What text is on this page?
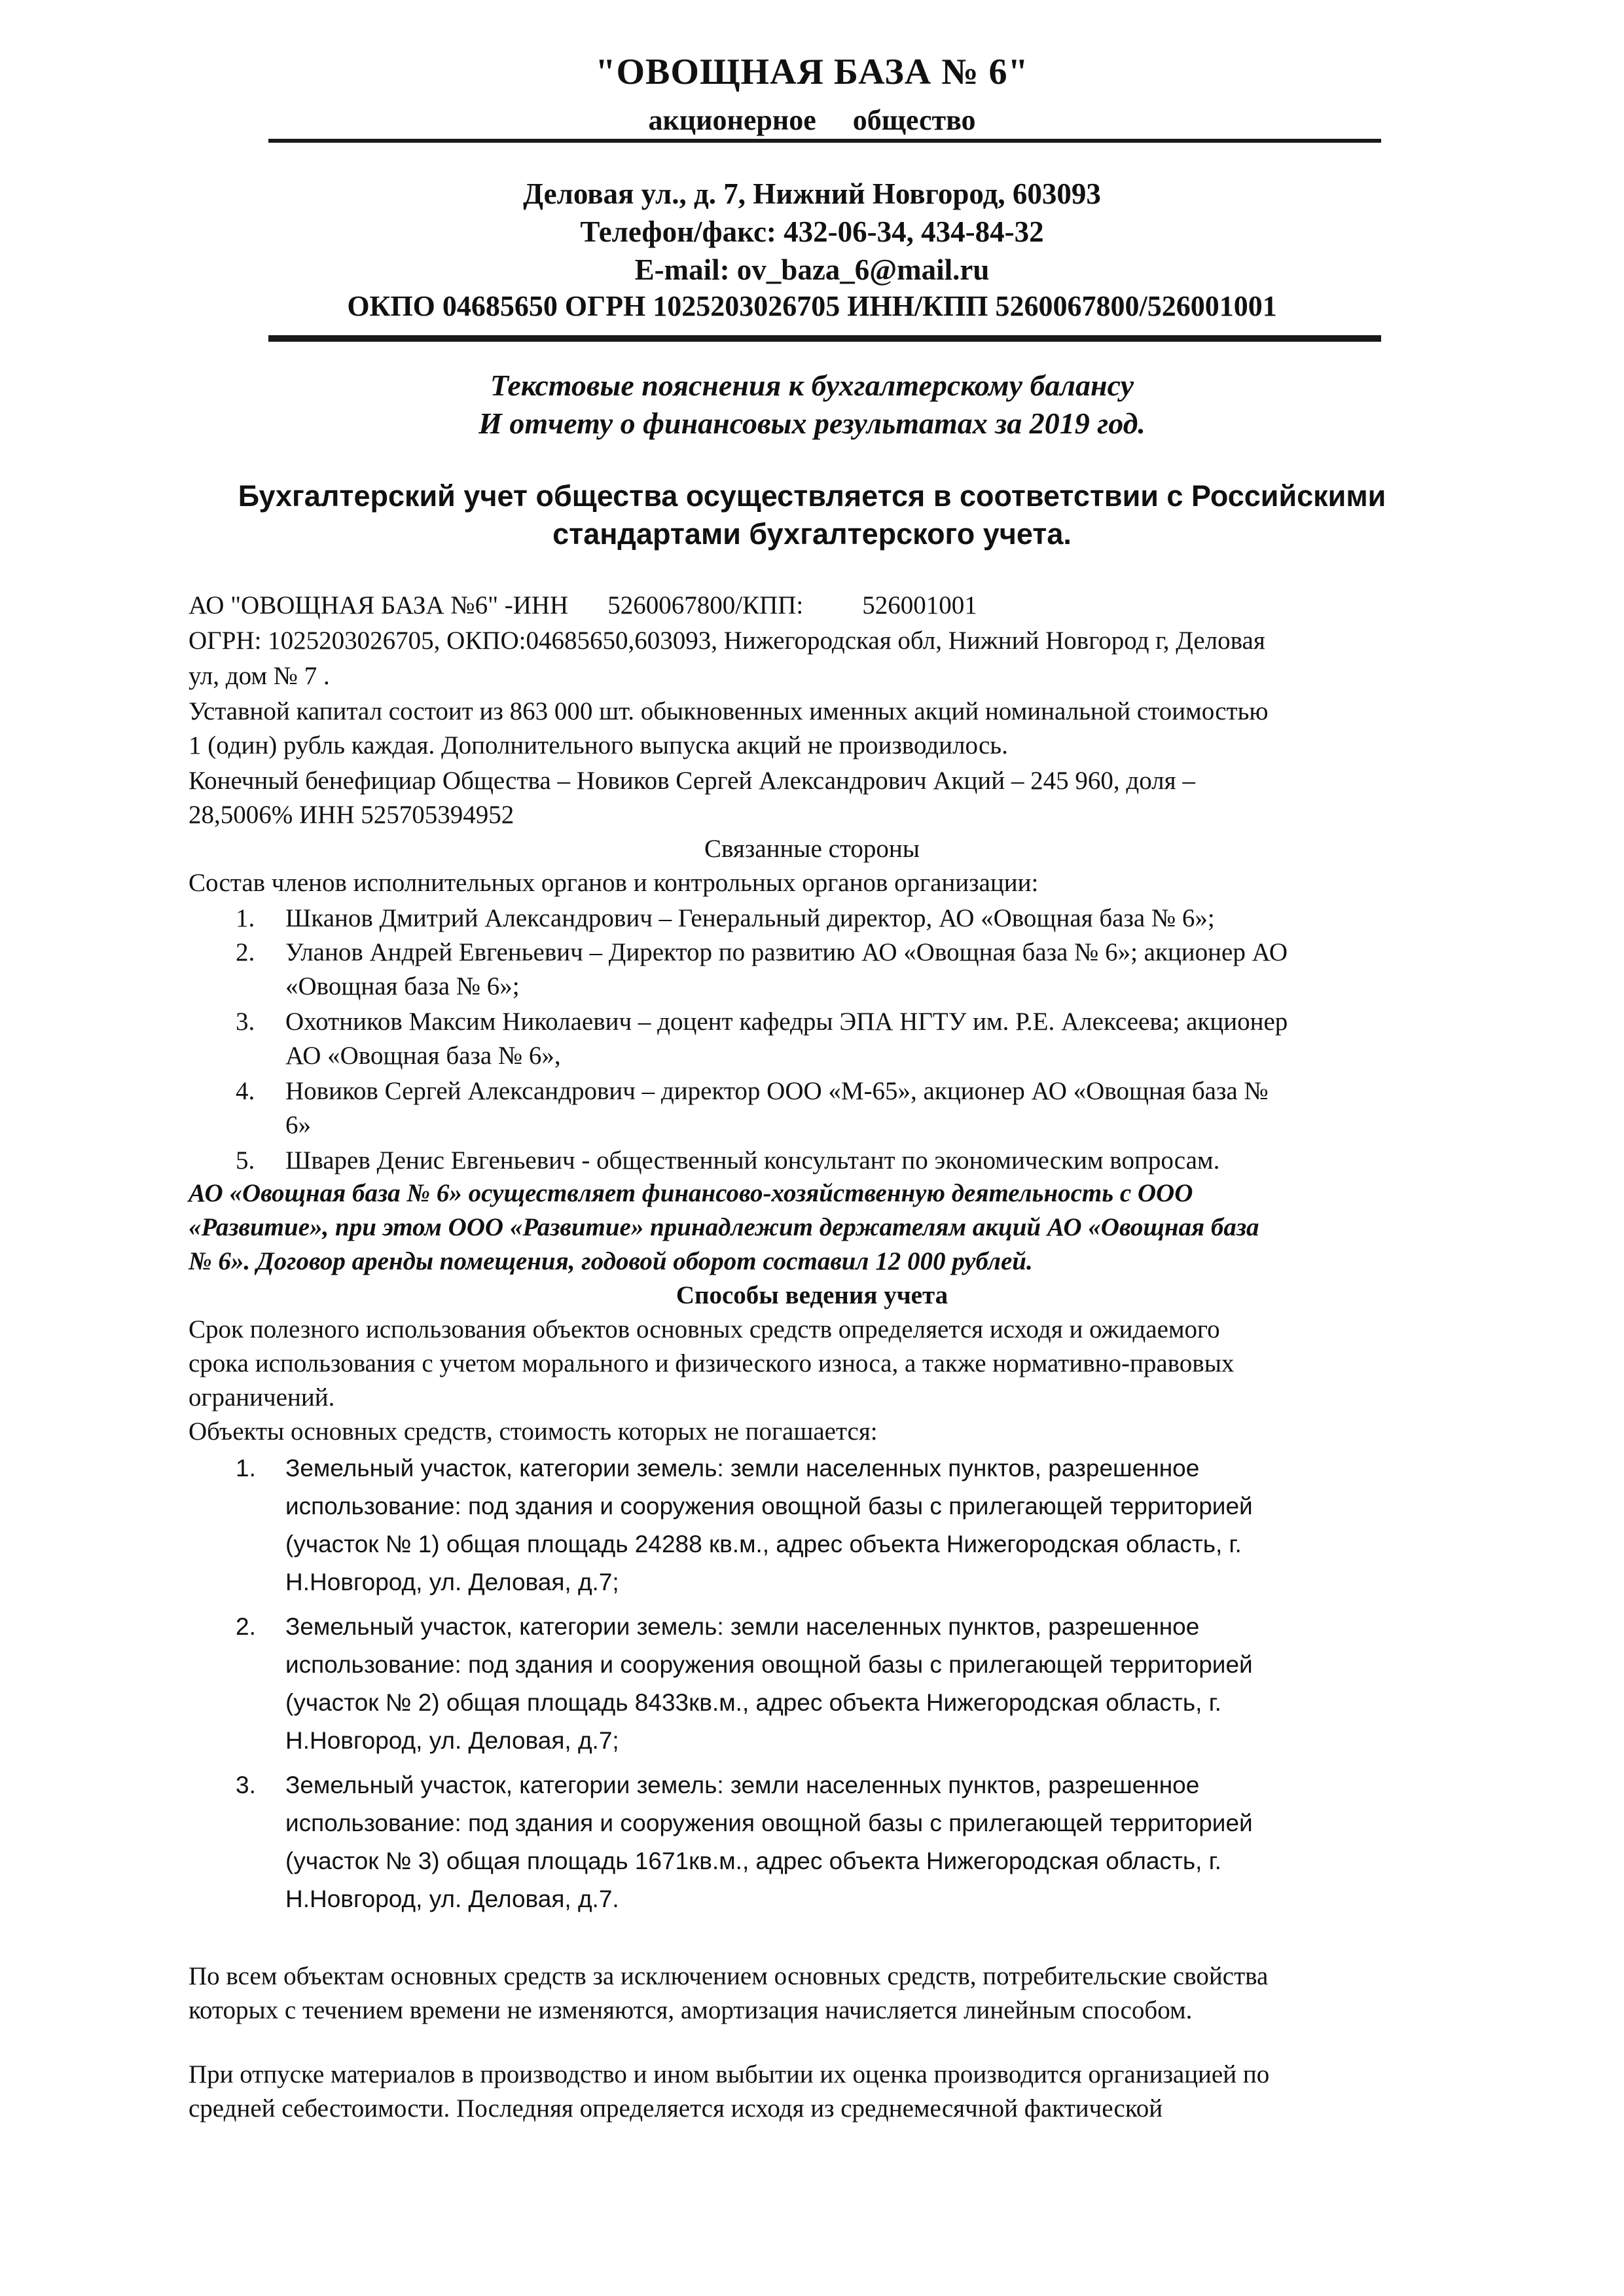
"ОВОЩНАЯ БАЗА № 6"
акционерное общество
Деловая ул., д. 7, Нижний Новгород, 603093
Телефон/факс: 432-06-34, 434-84-32
E-mail: ov_baza_6@mail.ru
ОКПО 04685650 ОГРН 1025203026705 ИНН/КПП 5260067800/526001001
Текстовые пояснения к бухгалтерскому балансу
И отчету о финансовых результатах за 2019 год.
Бухгалтерский учет общества осуществляется в соответствии с Российскими
стандартами бухгалтерского учета.
АО "ОВОЩНАЯ БАЗА №6" -ИНН 5260067800/КПП: 526001001
ОГРН: 1025203026705, ОКПО:04685650,603093, Нижегородская обл, Нижний Новгород г, Деловая
ул, дом № 7 .
Уставной капитал состоит из 863 000 шт. обыкновенных именных акций номинальной стоимостью
1 (один) рубль каждая. Дополнительного выпуска акций не производилось.
Конечный бенефициар Общества – Новиков Сергей Александрович Акций – 245 960, доля –
28,5006% ИНН 525705394952
Связанные стороны
Состав членов исполнительных органов и контрольных органов организации:
1. Шканов Дмитрий Александрович – Генеральный директор, АО «Овощная база № 6»;
2. Уланов Андрей Евгеньевич – Директор по развитию АО «Овощная база № 6»; акционер АО
«Овощная база № 6»;
3. Охотников Максим Николаевич – доцент кафедры ЭПА НГТУ им. Р.Е. Алексеева; акционер
АО «Овощная база № 6»,
4. Новиков Сергей Александрович – директор ООО «М-65», акционер АО «Овощная база №
6»
5. Шварев Денис Евгеньевич - общественный консультант по экономическим вопросам.
АО «Овощная база № 6» осуществляет финансово-хозяйственную деятельность с ООО
«Развитие», при этом ООО «Развитие» принадлежит держателям акций АО «Овощная база
№ 6». Договор аренды помещения, годовой оборот составил 12 000 рублей.
Способы ведения учета
Срок полезного использования объектов основных средств определяется исходя и ожидаемого
срока использования с учетом морального и физического износа, а также нормативно-правовых
ограничений.
Объекты основных средств, стоимость которых не погашается:
1. Земельный участок, категории земель: земли населенных пунктов, разрешенное
использование: под здания и сооружения овощной базы с прилегающей территорией
(участок № 1) общая площадь 24288 кв.м., адрес объекта Нижегородская область, г.
Н.Новгород, ул. Деловая, д.7;
2. Земельный участок, категории земель: земли населенных пунктов, разрешенное
использование: под здания и сооружения овощной базы с прилегающей территорией
(участок № 2) общая площадь 8433кв.м., адрес объекта Нижегородская область, г.
Н.Новгород, ул. Деловая, д.7;
3. Земельный участок, категории земель: земли населенных пунктов, разрешенное
использование: под здания и сооружения овощной базы с прилегающей территорией
(участок № 3) общая площадь 1671кв.м., адрес объекта Нижегородская область, г.
Н.Новгород, ул. Деловая, д.7.
По всем объектам основных средств за исключением основных средств, потребительские свойства
которых с течением времени не изменяются, амортизация начисляется линейным способом.
При отпуске материалов в производство и ином выбытии их оценка производится организацией по
средней себестоимости. Последняя определяется исходя из среднемесячной фактической
